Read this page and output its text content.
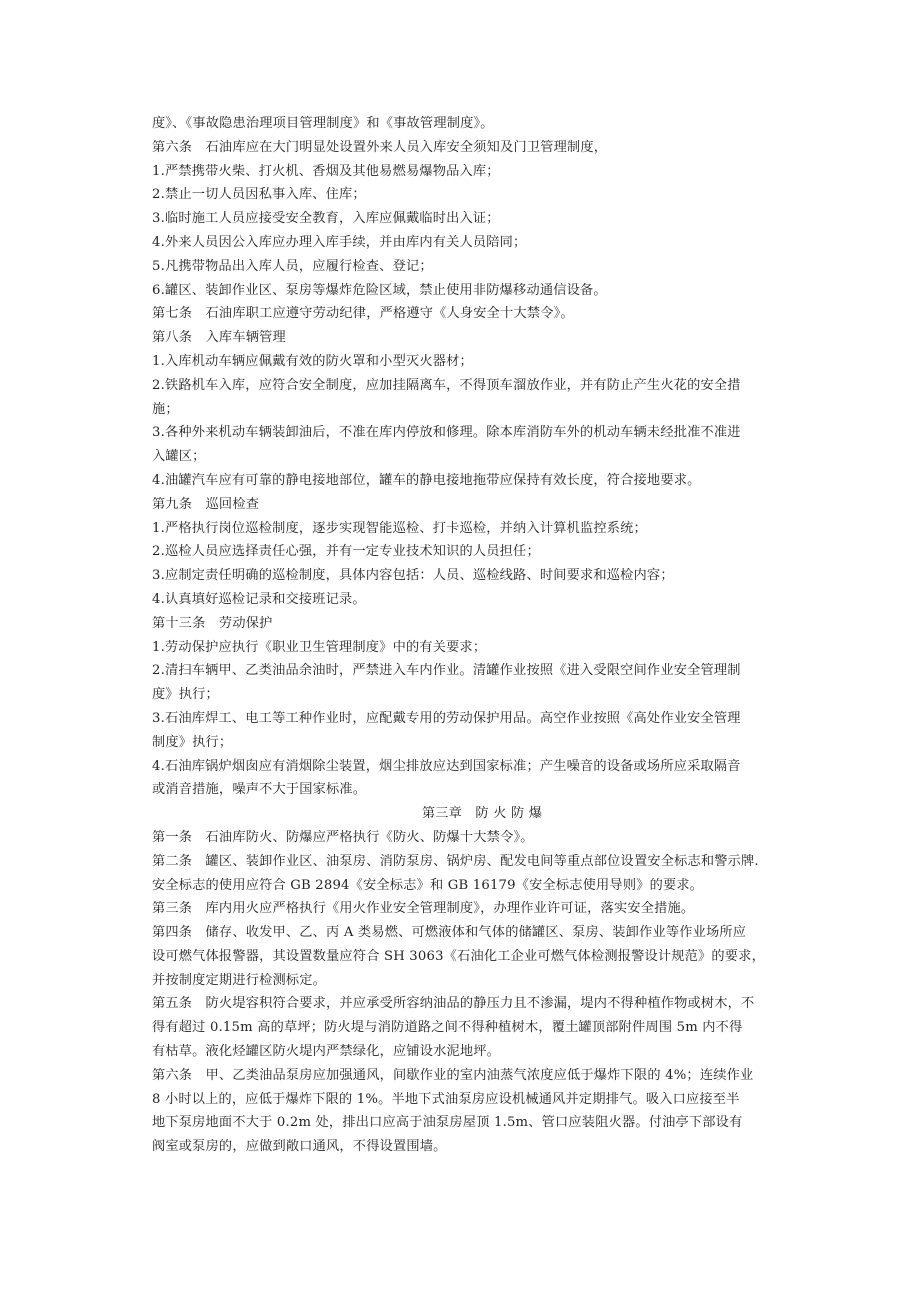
度》、《事故隐患治理项目管理制度》和《事故管理制度》。
第六条　石油库应在大门明显处设置外来人员入库安全须知及门卫管理制度，
1.严禁携带火柴、打火机、香烟及其他易燃易爆物品入库；
2.禁止一切人员因私事入库、住库；
3.临时施工人员应接受安全教育，入库应佩戴临时出入证；
4.外来人员因公入库应办理入库手续，并由库内有关人员陪同；
5.凡携带物品出入库人员，应履行检查、登记；
6.罐区、装卸作业区、泵房等爆炸危险区域，禁止使用非防爆移动通信设备。
第七条　石油库职工应遵守劳动纪律，严格遵守《人身安全十大禁令》。
第八条　入库车辆管理
1.入库机动车辆应佩戴有效的防火罩和小型灭火器材；
2.铁路机车入库，应符合安全制度，应加挂隔离车，不得顶车溜放作业，并有防止产生火花的安全措
施；
3.各种外来机动车辆装卸油后，不准在库内停放和修理。除本库消防车外的机动车辆未经批准不准进
入罐区；
4.油罐汽车应有可靠的静电接地部位，罐车的静电接地拖带应保持有效长度，符合接地要求。
第九条　巡回检查
1.严格执行岗位巡检制度，逐步实现智能巡检、打卡巡检，并纳入计算机监控系统；
2.巡检人员应选择责任心强，并有一定专业技术知识的人员担任；
3.应制定责任明确的巡检制度，具体内容包括：人员、巡检线路、时间要求和巡检内容；
4.认真填好巡检记录和交接班记录。
第十三条　劳动保护
1.劳动保护应执行《职业卫生管理制度》中的有关要求；
2.清扫车辆甲、乙类油品余油时，严禁进入车内作业。清罐作业按照《进入受限空间作业安全管理制
度》执行；
3.石油库焊工、电工等工种作业时，应配戴专用的劳动保护用品。高空作业按照《高处作业安全管理
制度》执行；
4.石油库锅炉烟囱应有消烟除尘装置，烟尘排放应达到国家标准；产生噪音的设备或场所应采取隔音
或消音措施，噪声不大于国家标准。
第三章　防 火 防 爆
第一条　石油库防火、防爆应严格执行《防火、防爆十大禁令》。
第二条　罐区、装卸作业区、油泵房、消防泵房、锅炉房、配发电间等重点部位设置安全标志和警示牌.
安全标志的使用应符合 GB 2894《安全标志》和 GB 16179《安全标志使用导则》的要求。
第三条　库内用火应严格执行《用火作业安全管理制度》，办理作业许可证，落实安全措施。
第四条　储存、收发甲、乙、丙 A 类易燃、可燃液体和气体的储罐区、泵房、装卸作业等作业场所应
设可燃气体报警器，其设置数量应符合 SH 3063《石油化工企业可燃气体检测报警设计规范》的要求，
并按制度定期进行检测标定。
第五条　防火堤容积符合要求，并应承受所容纳油品的静压力且不渗漏，堤内不得种植作物或树木，不
得有超过 0.15m 高的草坪；防火堤与消防道路之间不得种植树木，覆土罐顶部附件周围 5m 内不得
有枯草。液化烃罐区防火堤内严禁绿化，应铺设水泥地坪。
第六条　甲、乙类油品泵房应加强通风，间歇作业的室内油蒸气浓度应低于爆炸下限的 4%；连续作业
8 小时以上的，应低于爆炸下限的 1%。半地下式油泵房应设机械通风并定期排气。吸入口应接至半
地下泵房地面不大于 0.2m 处，排出口应高于油泵房屋顶 1.5m、管口应装阻火器。付油亭下部设有
阀室或泵房的，应做到敞口通风，不得设置围墙。
